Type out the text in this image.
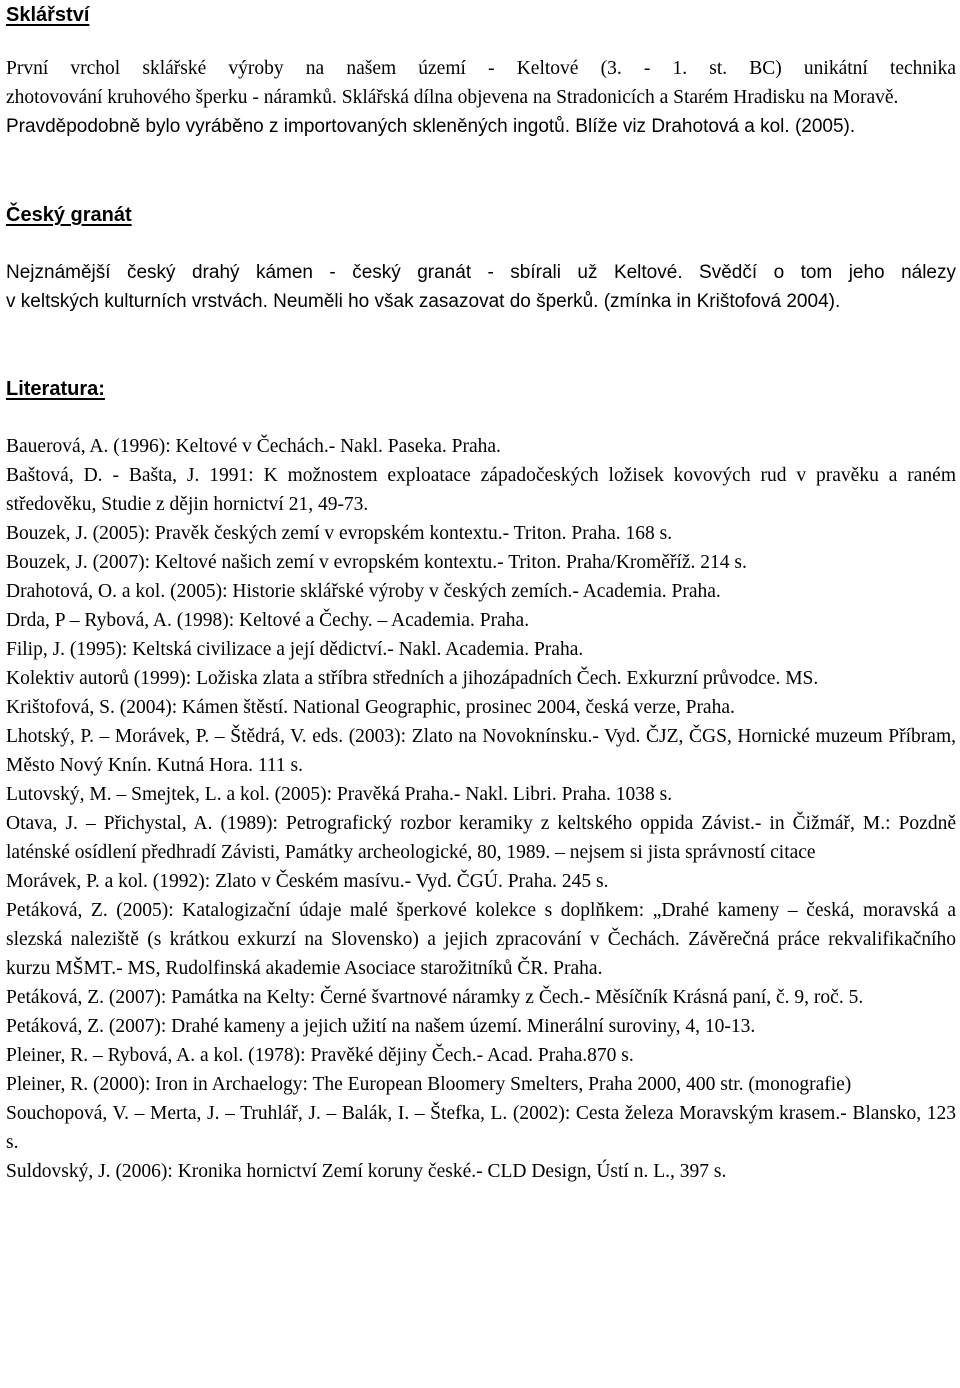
Sklářství

První vrchol sklářské výroby na našem území - Keltové (3. - 1. st. BC) unikátní technika

zhotovování kruhového šperku - náramků. Sklářská dílna objevena na Stradonicích a Starém Hradisku na Moravě. Pravděpodobně bylo vyráběno z importovaných skleněných ingotů. Blíže viz Drahotová a kol. (2005).

Český granát

Nejznámější český drahý kámen - český granát - sbírali už Keltové. Svědčí o tom jeho nálezy

v keltských kulturních vrstvách. Neuměli ho však zasazovat do šperků. (zmínka in Krištofová 2004).

Literatura:
Bauerová, A. (1996): Keltové v Čechách.- Nakl. Paseka. Praha.
Baštová, D. - Bašta, J. 1991: K možnostem exploatace západočeských ložisek kovových rud v pravěku a raném středověku, Studie z dějin hornictví 21, 49-73.
Bouzek, J. (2005): Pravěk českých zemí v evropském kontextu.- Triton. Praha. 168 s.
Bouzek, J. (2007): Keltové našich zemí v evropském kontextu.- Triton. Praha/Kroměříž. 214 s.
Drahotová, O. a kol. (2005): Historie sklářské výroby v českých zemích.- Academia. Praha.
Drda, P – Rybová, A. (1998): Keltové a Čechy. – Academia. Praha.
Filip, J. (1995): Keltská civilizace a její dědictví.- Nakl. Academia. Praha.
Kolektiv autorů (1999): Ložiska zlata a stříbra středních a jihozápadních Čech. Exkurzní průvodce. MS.
Krištofová, S. (2004): Kámen štěstí. National Geographic, prosinec 2004, česká verze, Praha.
Lhotský, P. – Morávek, P. – Štědrá, V. eds. (2003): Zlato na Novoknínsku.- Vyd. ČJZ, ČGS, Hornické muzeum Příbram, Město Nový Knín. Kutná Hora. 111 s.
Lutovský, M. – Smejtek, L. a kol. (2005): Pravěká Praha.- Nakl. Libri. Praha. 1038 s.
Otava, J. – Přichystal, A. (1989): Petrografický rozbor keramiky z keltského oppida Závist.- in Čižmář, M.: Pozdně laténské osídlení předhradí Závisti, Památky archeologické, 80, 1989. – nejsem si jista správností citace
Morávek, P. a kol. (1992): Zlato v Českém masívu.- Vyd. ČGÚ. Praha. 245 s.
Petáková, Z. (2005): Katalogizační údaje malé šperkové kolekce s doplňkem: „Drahé kameny – česká, moravská a slezská naleziště (s krátkou exkurzí na Slovensko) a jejich zpracování v Čechách. Závěrečná práce rekvalifikačního kurzu MŠMT.- MS, Rudolfinská akademie Asociace starožitníků ČR. Praha.
Petáková, Z. (2007): Památka na Kelty: Černé švartnové náramky z Čech.- Měsíčník Krásná paní, č. 9, roč. 5.
Petáková, Z. (2007): Drahé kameny a jejich užití na našem území. Minerální suroviny, 4, 10-13.
Pleiner, R. – Rybová, A. a kol. (1978): Pravěké dějiny Čech.- Acad. Praha.870 s.
Pleiner, R. (2000): Iron in Archaelogy: The European Bloomery Smelters, Praha 2000, 400 str. (monografie)
Souchopová, V. – Merta, J. – Truhlář, J. – Balák, I. – Štefka, L. (2002): Cesta železa Moravským krasem.- Blansko, 123 s.
Suldovský, J. (2006): Kronika hornictví Zemí koruny české.- CLD Design, Ústí n. L., 397 s.
